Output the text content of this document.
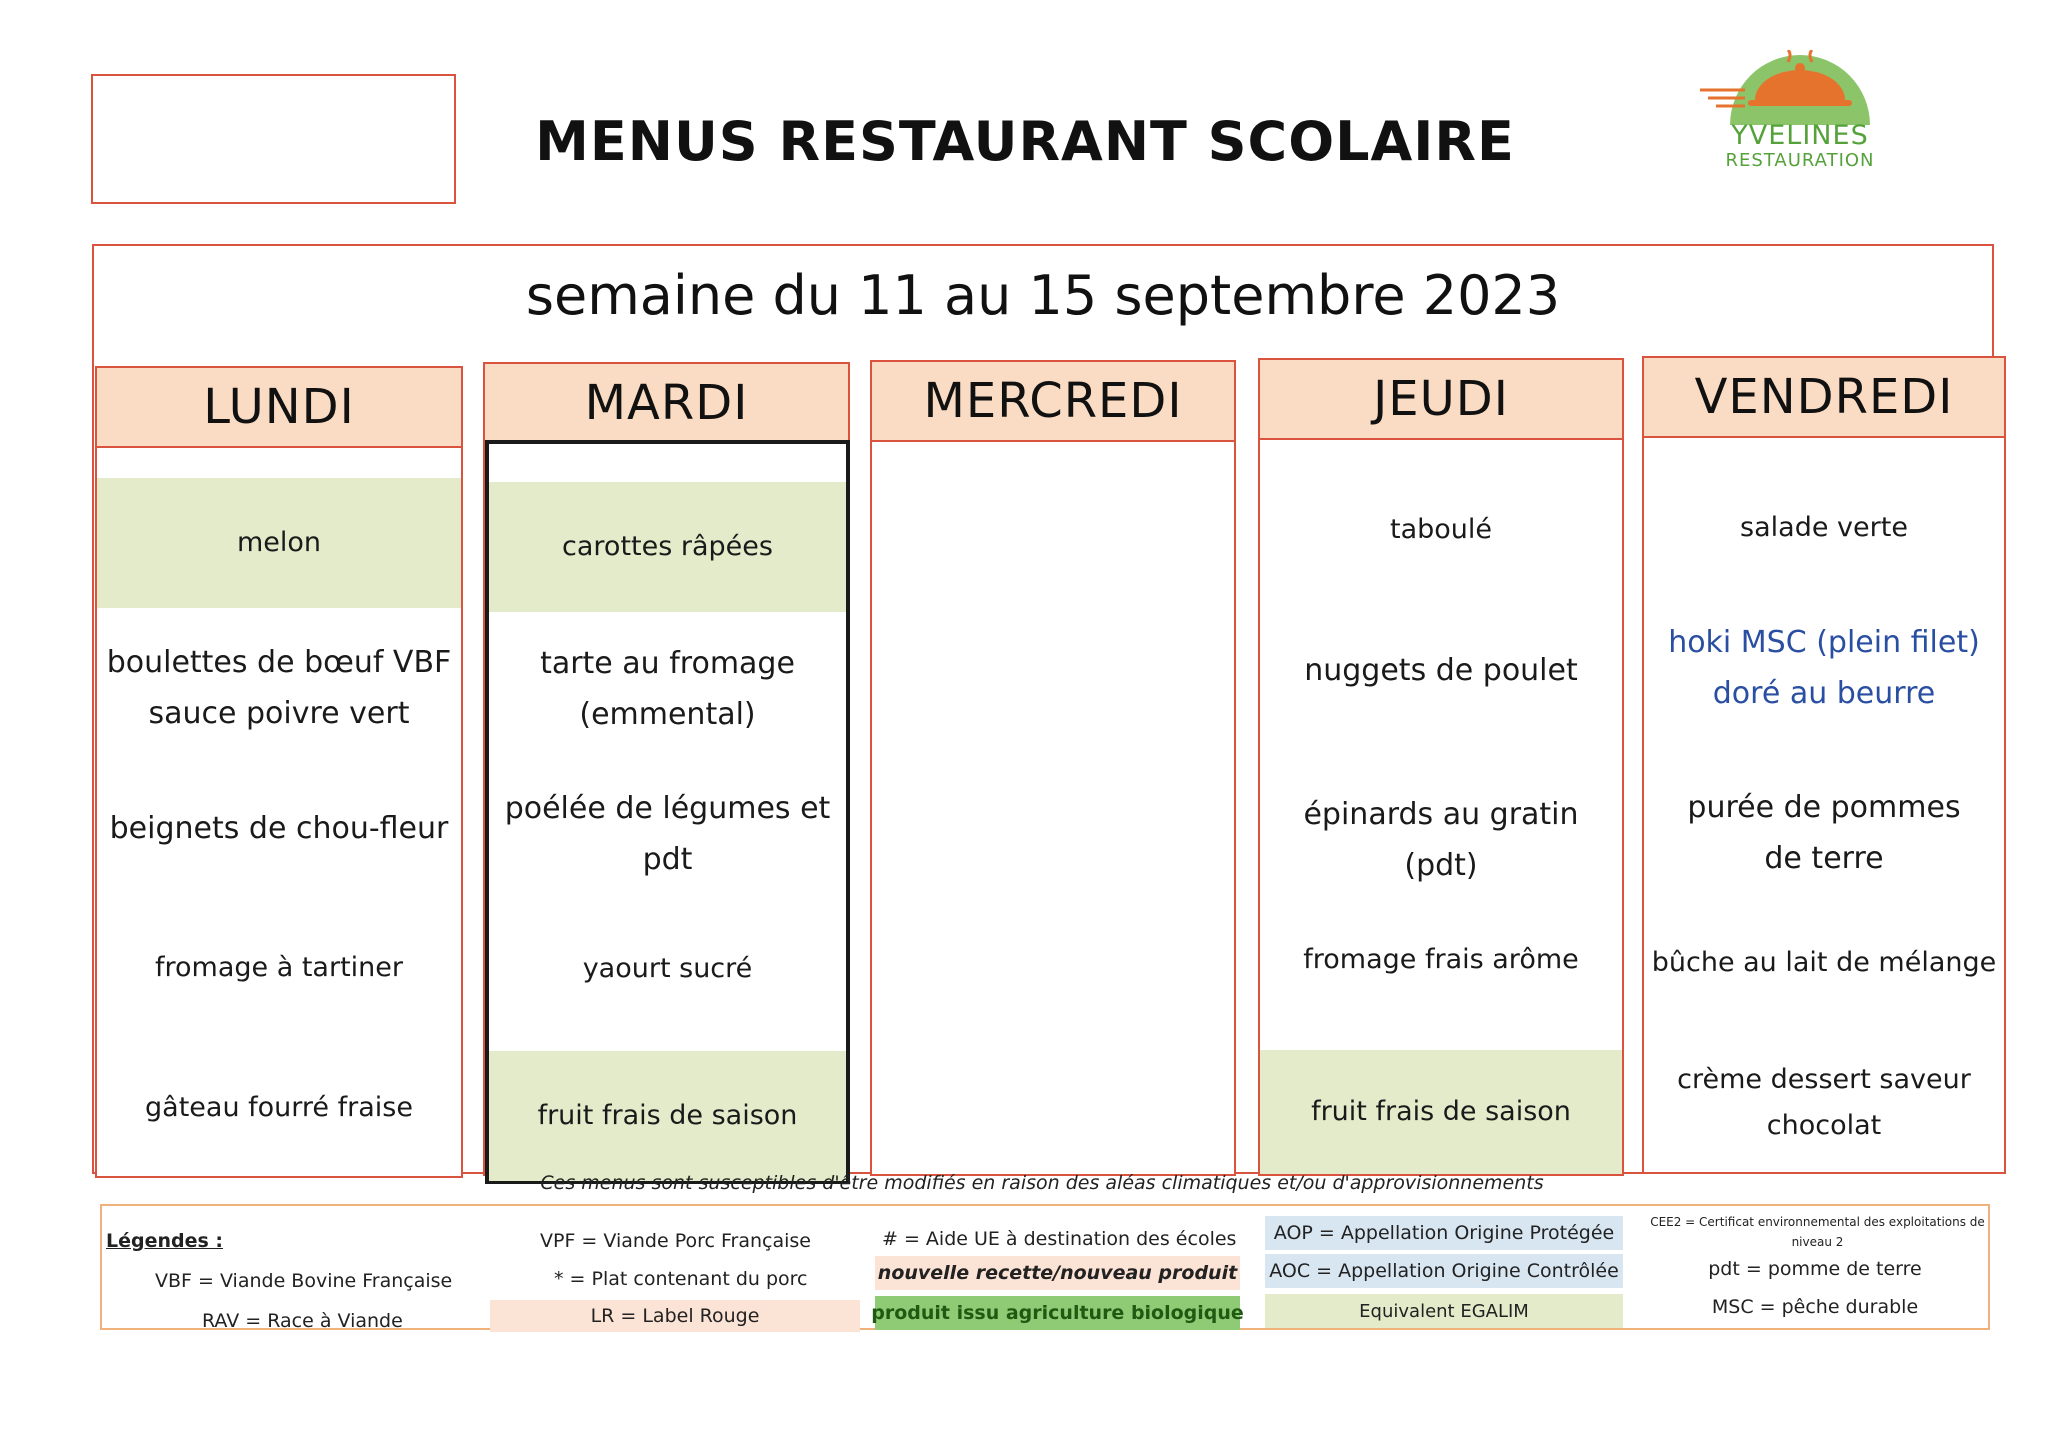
MENUS RESTAURANT SCOLAIRE	YVELINES
RESTAURATION
semaine du 11 au 15 septembre 2023
LUNDI
melon
boulettes de bœuf VBF sauce poivre vert
beignets de chou-fleur
fromage à tartiner
gâteau fourré fraise
MARDI
carottes râpées
tarte au fromage (emmental)
poélée de légumes et pdt
yaourt sucré
fruit frais de saison
MERCREDI	JEUDI
taboulé
nuggets de poulet
épinards au gratin (pdt)
fromage frais arôme
fruit frais de saison
VENDREDI
salade verte
hoki MSC (plein filet) doré au beurre
purée de pommes de terre
bûche au lait de mélange
crème dessert saveur chocolat
Ces menus sont susceptibles d'être modifiés en raison des aléas climatiques et/ou d'approvisionnements
Légendes :
VBF = Viande Bovine Française
RAV = Race à Viande
VPF = Viande Porc Française
* = Plat contenant du porc
LR = Label Rouge
# = Aide UE à destination des écoles
nouvelle recette/nouveau produit
produit issu agriculture biologique
AOP = Appellation Origine Protégée
AOC = Appellation Origine Contrôlée
Equivalent EGALIM
CEE2 = Certificat environnemental des exploitations de niveau 2
pdt = pomme de terre
MSC = pêche durable
